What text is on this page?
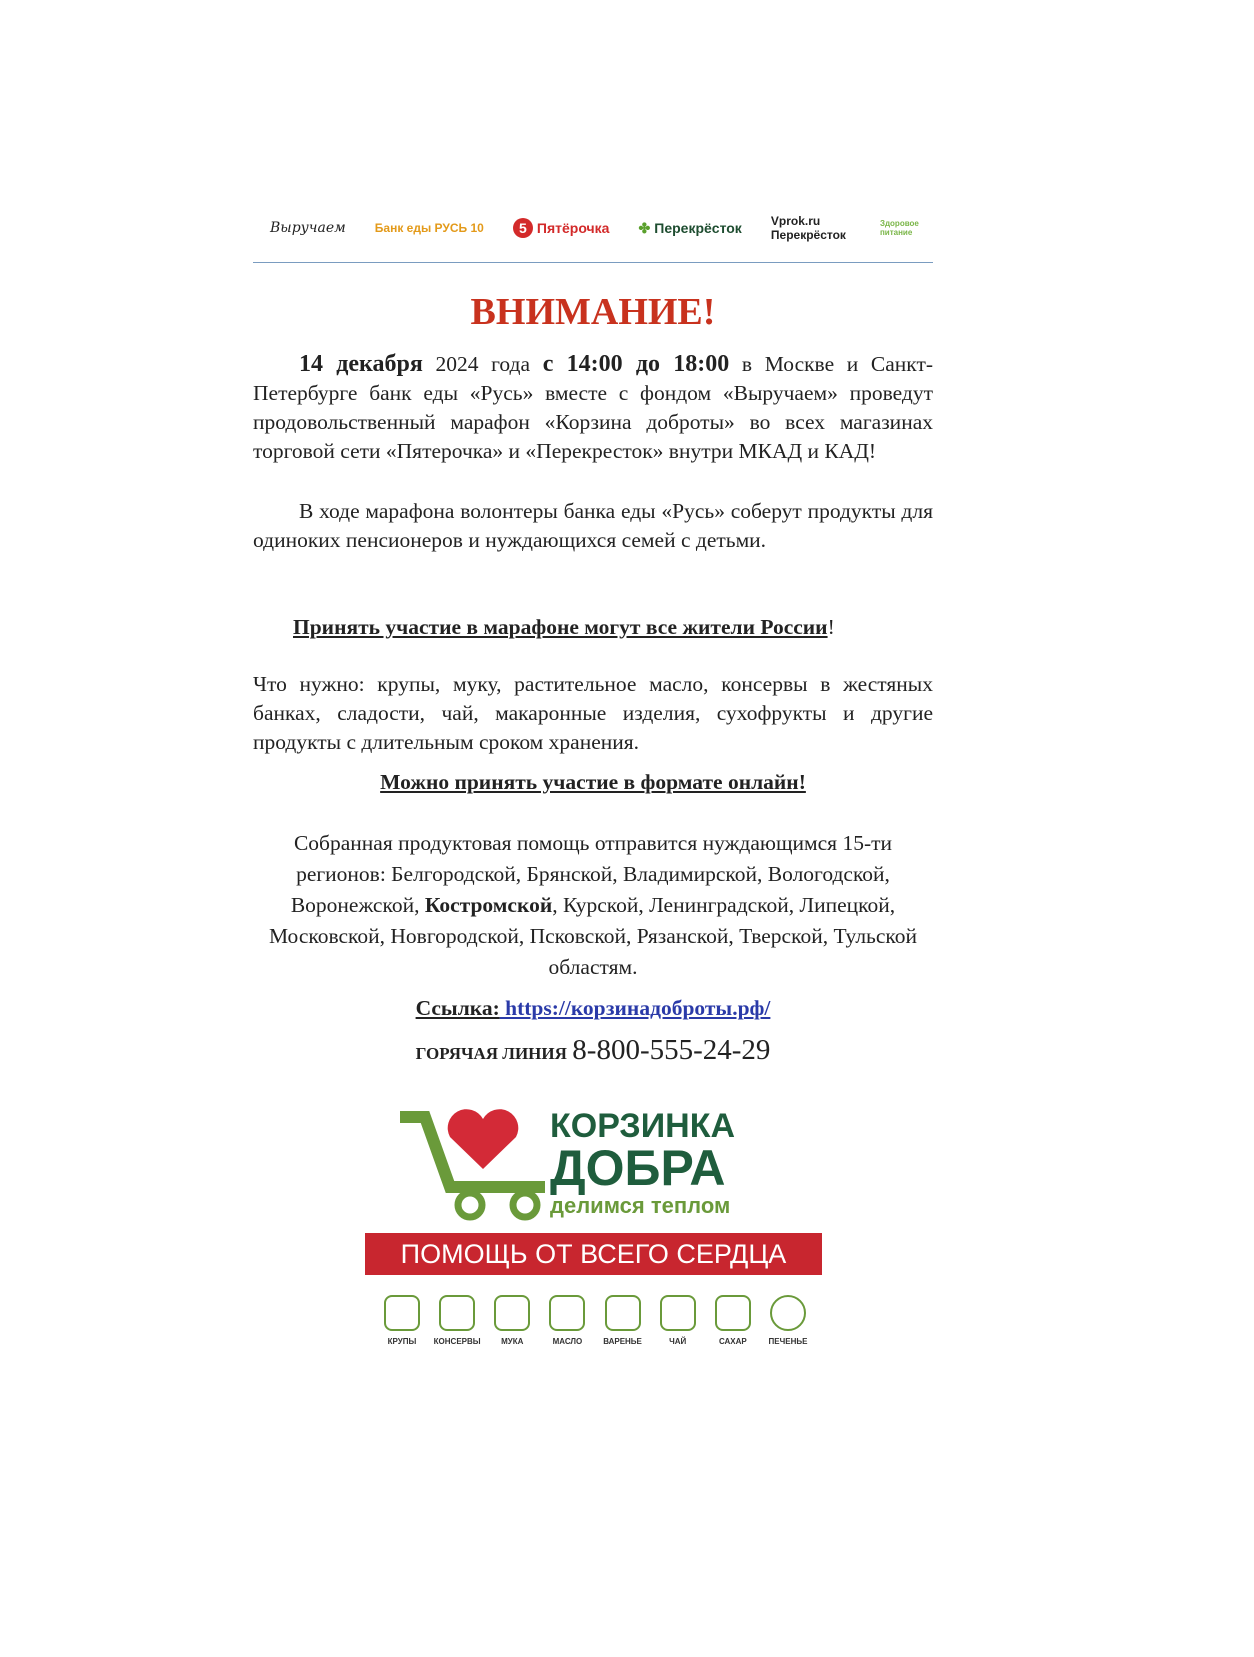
Выручаем Банк еды РУСЬ 10	5 Пятёрочка ✤ Перекрёсток Vprok.ru Перекрёсток
Здоровое питание
ВНИМАНИЕ!
14 декабря 2024 года с 14:00 до 18:00 в Москве и Санкт-Петербурге банк еды «Русь» вместе с фондом «Выручаем» проведут продовольственный марафон «Корзина доброты» во всех магазинах торговой сети «Пятерочка» и «Перекресток» внутри МКАД и КАД!
В ходе марафона волонтеры банка еды «Русь» соберут продукты для одиноких пенсионеров и нуждающихся семей с детьми.
Принять участие в марафоне могут все жители России!
Что нужно: крупы, муку, растительное масло, консервы в жестяных банках, сладости, чай, макаронные изделия, сухофрукты и другие продукты с длительным сроком хранения.
Можно принять участие в формате онлайн!
Собранная продуктовая помощь отправится нуждающимся 15-ти регионов: Белгородской, Брянской, Владимирской, Вологодской, Воронежской, Костромской, Курской, Ленинградской, Липецкой, Московской, Новгородской, Псковской, Рязанской, Тверской, Тульской областям.
Ссылка: https://корзинадоброты.рф/
ГОРЯЧАЯ ЛИНИЯ 8-800-555-24-29
КОРЗИНКА
ДОБРА
делимся теплом
ПОМОЩЬ ОТ ВСЕГО СЕРДЦА
КРУПЫ	КОНСЕРВЫ	МУКА	МАСЛО	ВАРЕНЬЕ	ЧАЙ	САХАР	ПЕЧЕНЬЕ
